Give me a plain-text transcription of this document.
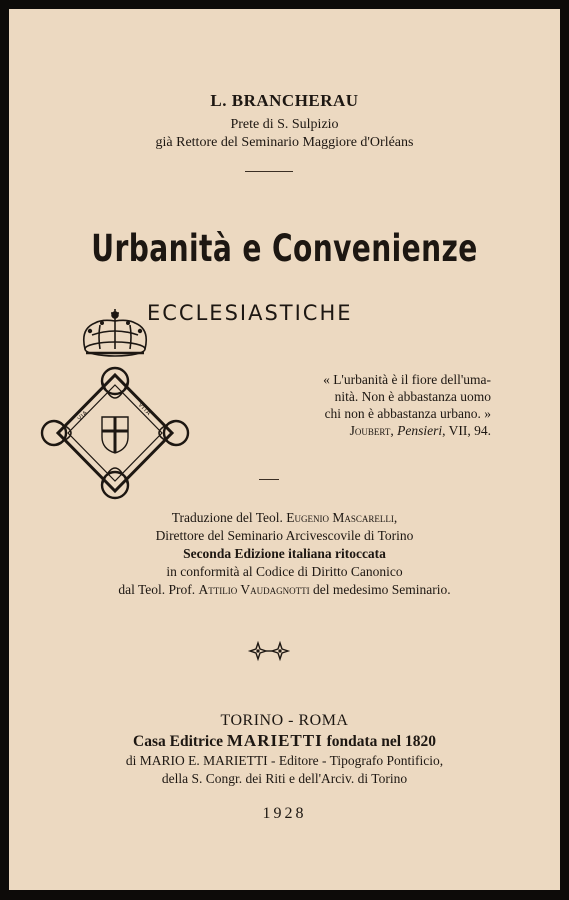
L. BRANCHERAU
Prete di S. Sulpizio
già Rettore del Seminario Maggiore d'Orléans
Urbanità e Convenienze
ECCLESIASTICHE
VIA	VITA
« L'urbanità è il fiore dell'uma-
nità. Non è abbastanza uomo
chi non è abbastanza urbano. »
Joubert, Pensieri, VII, 94.
Traduzione del Teol. Eugenio Mascarelli,
Direttore del Seminario Arcivescovile di Torino
Seconda Edizione italiana ritoccata
in conformità al Codice di Diritto Canonico
dal Teol. Prof. Attilio Vaudagnotti del medesimo Seminario.
TORINO - ROMA
Casa Editrice MARIETTI fondata nel 1820
di MARIO E. MARIETTI - Editore - Tipografo Pontificio,
della S. Congr. dei Riti e dell'Arciv. di Torino
1928
